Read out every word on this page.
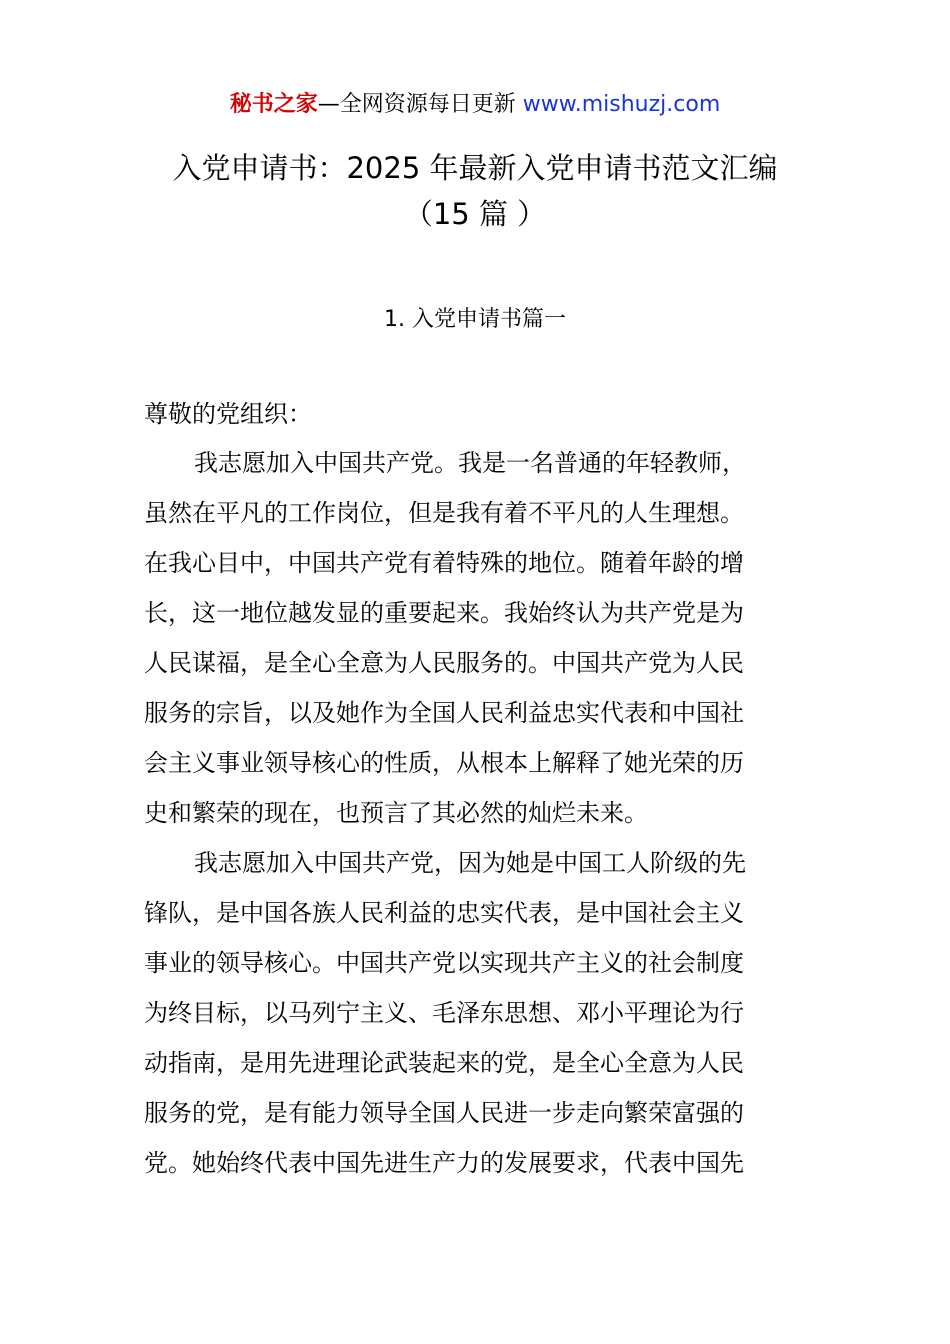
秘书之家—全网资源每日更新 www.mishuzj.com
入党申请书：2025 年最新入党申请书范文汇编
（15 篇 ）
1. 入党申请书篇一

尊敬的党组织：

我志愿加入中国共产党。我是一名普通的年轻教师，

虽然在平凡的工作岗位，但是我有着不平凡的人生理想。

在我心目中，中国共产党有着特殊的地位。随着年龄的增

长，这一地位越发显的重要起来。我始终认为共产党是为

人民谋福，是全心全意为人民服务的。中国共产党为人民

服务的宗旨，以及她作为全国人民利益忠实代表和中国社

会主义事业领导核心的性质，从根本上解释了她光荣的历

史和繁荣的现在，也预言了其必然的灿烂未来。

我志愿加入中国共产党，因为她是中国工人阶级的先

锋队，是中国各族人民利益的忠实代表，是中国社会主义

事业的领导核心。中国共产党以实现共产主义的社会制度

为终目标，以马列宁主义、毛泽东思想、邓小平理论为行

动指南，是用先进理论武装起来的党，是全心全意为人民

服务的党，是有能力领导全国人民进一步走向繁荣富强的

党。她始终代表中国先进生产力的发展要求，代表中国先
